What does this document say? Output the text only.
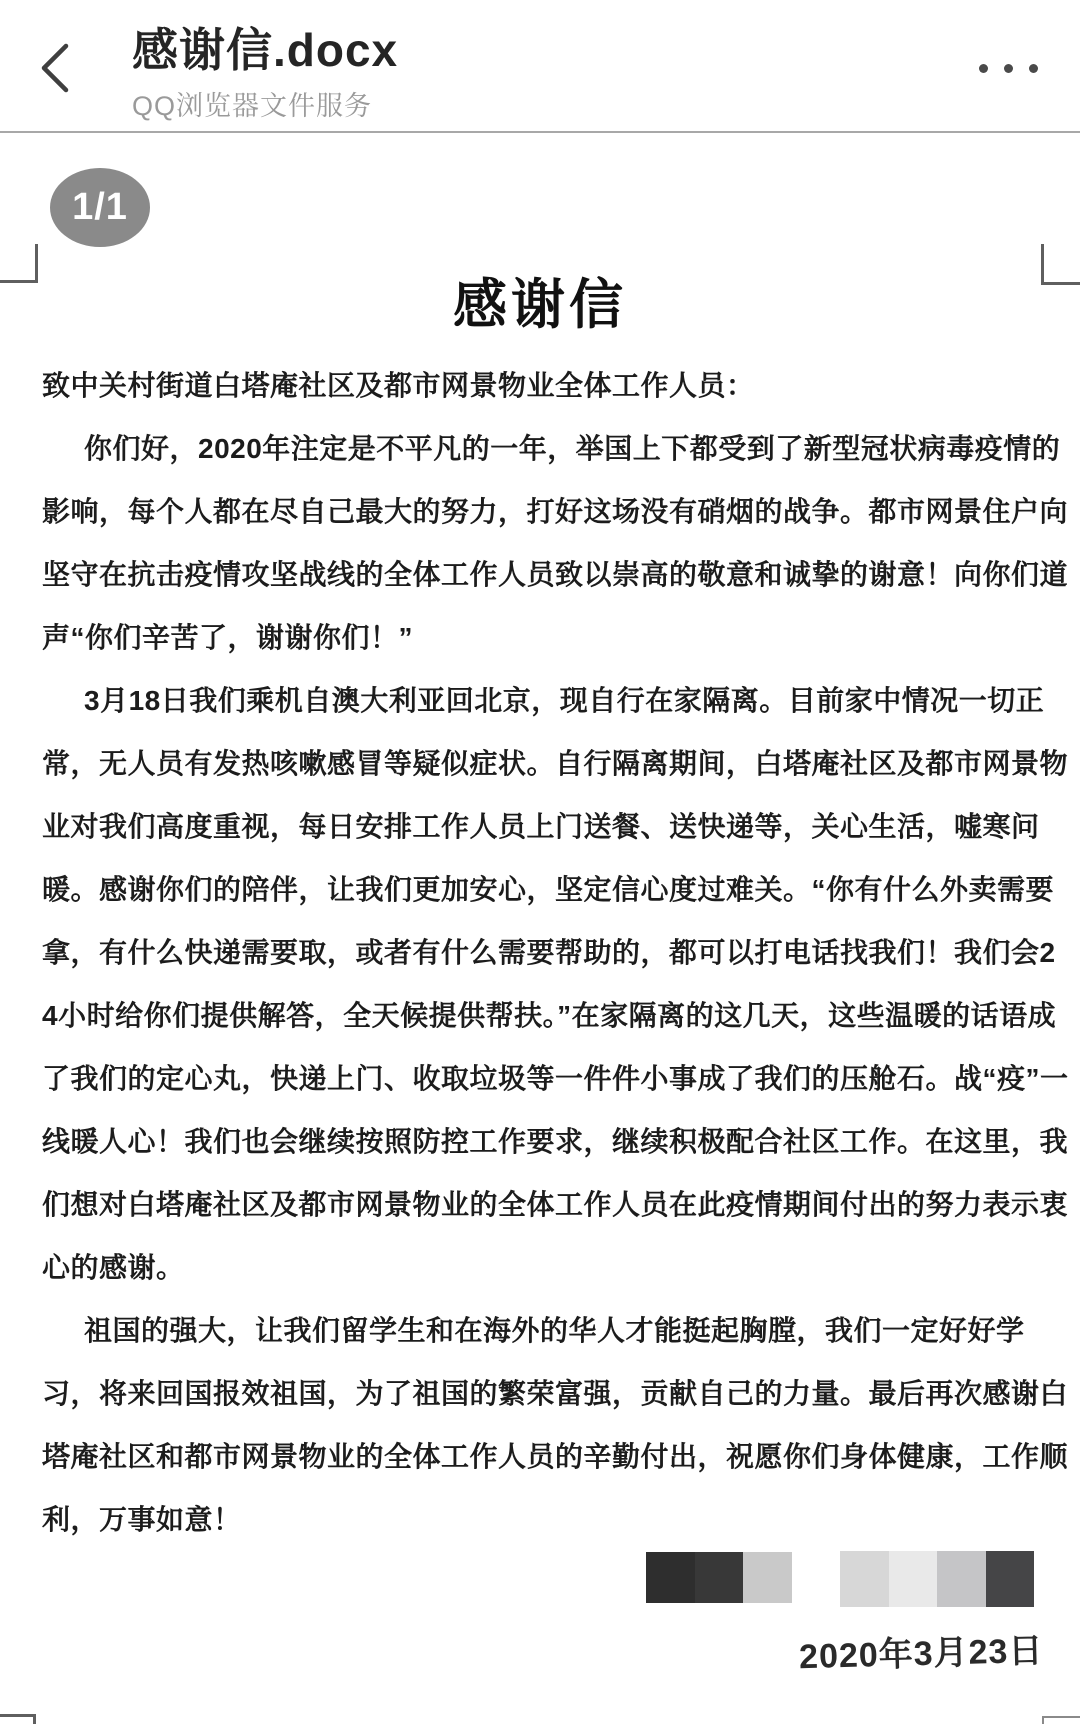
感谢信.docx
QQ浏览器文件服务
1/1
感谢信
致中关村街道白塔庵社区及都市网景物业全体工作人员：
你们好，2020年注定是不平凡的一年，举国上下都受到了新型冠状病毒疫情的
影响，每个人都在尽自己最大的努力，打好这场没有硝烟的战争。都市网景住户向
坚守在抗击疫情攻坚战线的全体工作人员致以崇高的敬意和诚挚的谢意！向你们道
声“你们辛苦了，谢谢你们！”
3月18日我们乘机自澳大利亚回北京，现自行在家隔离。目前家中情况一切正
常，无人员有发热咳嗽感冒等疑似症状。自行隔离期间，白塔庵社区及都市网景物
业对我们高度重视，每日安排工作人员上门送餐、送快递等，关心生活，嘘寒问
暖。感谢你们的陪伴，让我们更加安心，坚定信心度过难关。“你有什么外卖需要
拿，有什么快递需要取，或者有什么需要帮助的，都可以打电话找我们！我们会2
4小时给你们提供解答，全天候提供帮扶。”在家隔离的这几天，这些温暖的话语成
了我们的定心丸，快递上门、收取垃圾等一件件小事成了我们的压舱石。战“疫”一
线暖人心！我们也会继续按照防控工作要求，继续积极配合社区工作。在这里，我
们想对白塔庵社区及都市网景物业的全体工作人员在此疫情期间付出的努力表示衷
心的感谢。
祖国的强大，让我们留学生和在海外的华人才能挺起胸膛，我们一定好好学
习，将来回国报效祖国，为了祖国的繁荣富强，贡献自己的力量。最后再次感谢白
塔庵社区和都市网景物业的全体工作人员的辛勤付出，祝愿你们身体健康，工作顺
利，万事如意！
2020年3月23日
